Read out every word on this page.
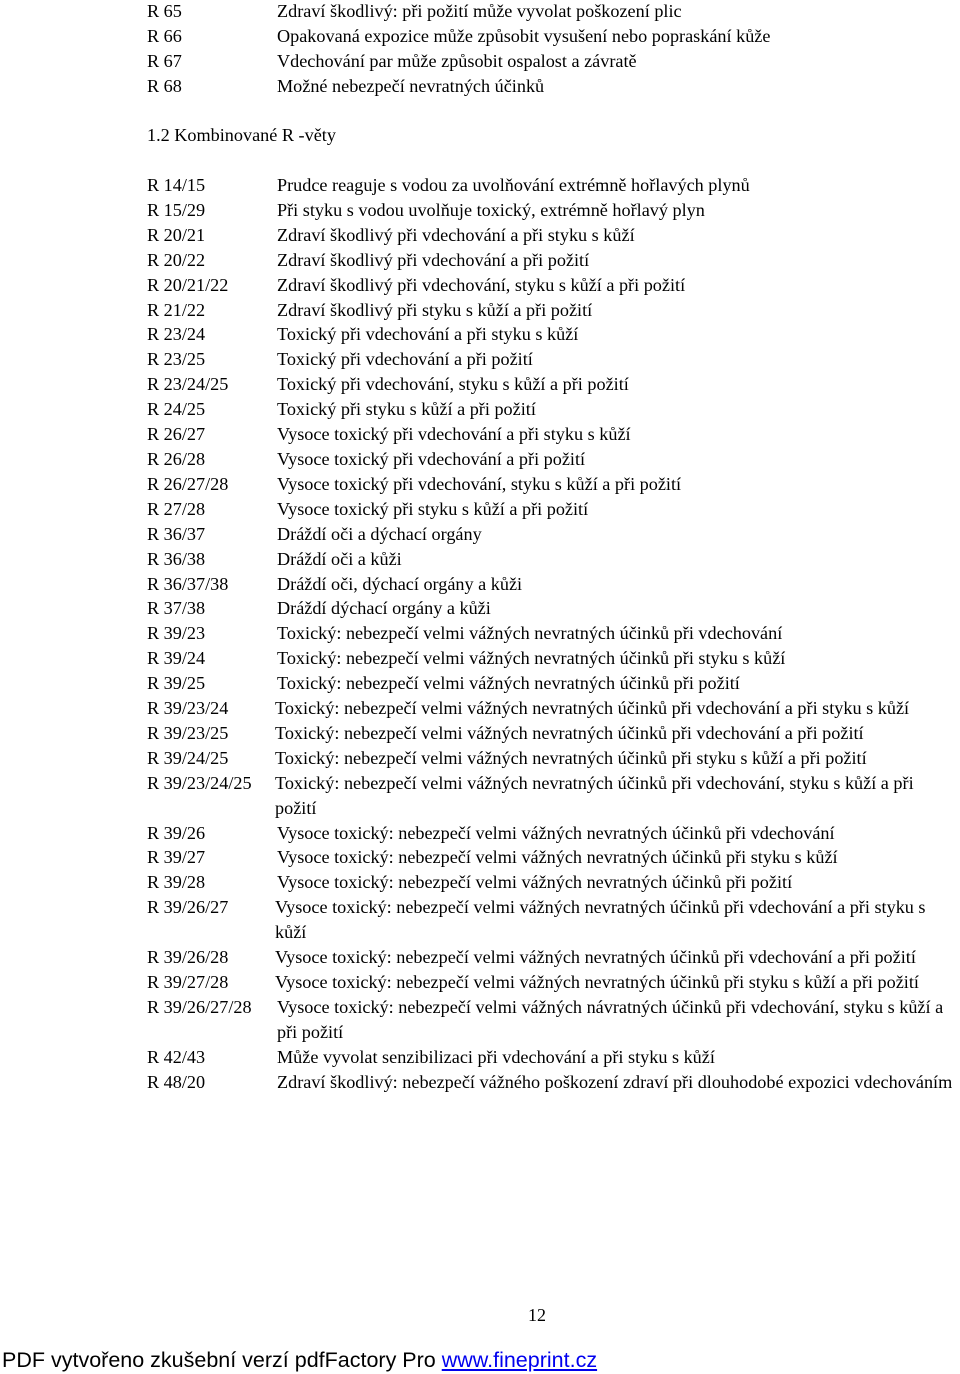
R 65	Zdraví škodlivý: při požití může vyvolat poškození plic
R 66	Opakovaná expozice může způsobit vysušení nebo popraskání kůže
R 67	Vdechování par může způsobit ospalost a závratě
R 68	Možné nebezpečí nevratných účinků
1.2 Kombinované R -věty
R 14/15	Prudce reaguje s vodou za uvolňování extrémně hořlavých plynů
R 15/29	Při styku s vodou uvolňuje toxický, extrémně hořlavý plyn
R 20/21	Zdraví škodlivý při vdechování a při styku s kůží
R 20/22	Zdraví škodlivý při vdechování a při požití
R 20/21/22	Zdraví škodlivý při vdechování, styku s kůží a při požití
R 21/22	Zdraví škodlivý při styku s kůží a při požití
R 23/24	Toxický při vdechování a při styku s kůží
R 23/25	Toxický při vdechování a při požití
R 23/24/25	Toxický při vdechování, styku s kůží a při požití
R 24/25	Toxický při styku s kůží a při požití
R 26/27	Vysoce toxický při vdechování a při styku s kůží
R 26/28	Vysoce toxický při vdechování a při požití
R 26/27/28	Vysoce toxický při vdechování, styku s kůží a při požití
R 27/28	Vysoce toxický při styku s kůží a při požití
R 36/37	Dráždí oči a dýchací orgány
R 36/38	Dráždí oči a kůži
R 36/37/38	Dráždí oči, dýchací orgány a kůži
R 37/38	Dráždí dýchací orgány a kůži
R 39/23	Toxický: nebezpečí velmi vážných nevratných účinků při vdechování
R 39/24	Toxický: nebezpečí velmi vážných nevratných účinků při styku s kůží
R 39/25	Toxický: nebezpečí velmi vážných nevratných účinků při požití
R 39/23/24	Toxický: nebezpečí velmi vážných nevratných účinků při vdechování a při styku s kůží
R 39/23/25	Toxický: nebezpečí velmi vážných nevratných účinků při vdechování a při požití
R 39/24/25	Toxický: nebezpečí velmi vážných nevratných účinků při styku s kůží a při požití
R 39/23/24/25	Toxický: nebezpečí velmi vážných nevratných účinků při vdechování, styku s kůží a při požití
R 39/26	Vysoce toxický: nebezpečí velmi vážných nevratných účinků při vdechování
R 39/27	Vysoce toxický: nebezpečí velmi vážných nevratných účinků při styku s kůží
R 39/28	Vysoce toxický: nebezpečí velmi vážných nevratných účinků při požití
R 39/26/27	Vysoce toxický: nebezpečí velmi vážných nevratných účinků při vdechování a při styku s kůží
R 39/26/28	Vysoce toxický: nebezpečí velmi vážných nevratných účinků při vdechování a při požití
R 39/27/28	Vysoce toxický: nebezpečí velmi vážných nevratných účinků při styku s kůží a při požití
R 39/26/27/28	Vysoce toxický: nebezpečí velmi vážných návratných účinků při vdechování, styku s kůží a při požití
R 42/43	Může vyvolat senzibilizaci při vdechování a při styku s kůží
R 48/20	Zdraví škodlivý: nebezpečí vážného poškození zdraví při dlouhodobé expozici vdechováním
12
PDF vytvořeno zkušební verzí pdfFactory Pro www.fineprint.cz
